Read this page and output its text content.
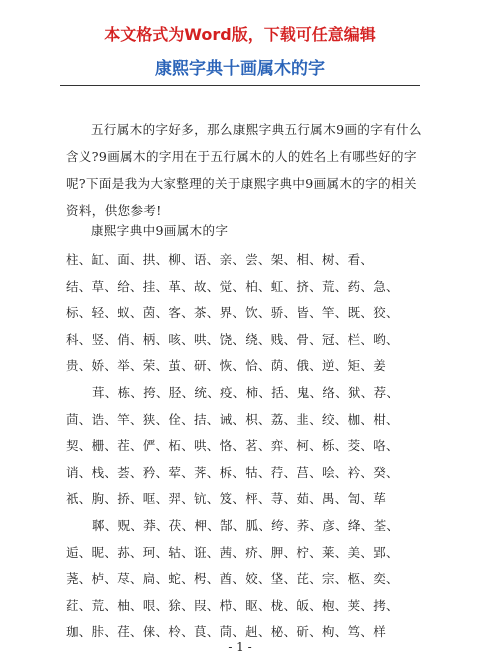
本文格式为Word版，下载可任意编辑
康熙字典十画属木的字

五行属木的字好多，那么康熙字典五行属木9画的字有什么含义?9画属木的字用在于五行属木的人的姓名上有哪些好的字呢?下面是我为大家整理的关于康熙字典中9画属木的字的相关资料，供您参考!

康熙字典中9画属木的字
柱、缸、面、拱、柳、语、亲、尝、架、相、树、看、
结、草、给、挂、革、故、觉、柏、虹、挤、荒、药、急、
标、轻、蚁、茵、客、茶、界、饮、骄、皆、竿、既、狡、
科、竖、俏、柄、咳、哄、饶、绕、贱、骨、冠、栏、哟、
贵、娇、举、荣、茧、研、恢、恰、荫、俄、逆、矩、姜
茸、栋、挎、胫、统、疫、柿、括、鬼、络、狱、荐、
茴、诰、竿、狭、佺、拮、诫、枳、荔、韭、绞、枷、柑、
契、栅、茬、俨、柘、哄、恪、茗、弈、柯、栎、茭、咯、
诮、栈、荟、矜、荤、荠、柝、牯、荇、莒、哙、衿、癸、
祇、朐、挢、哐、羿、钪、笈、枰、荨、茹、禺、訇、荜
郰、贶、莽、茯、柙、郜、胍、绔、荞、彦、绛、荃、
逅、昵、荪、珂、轱、诳、茜、疥、胛、柠、莱、美、郢、
荛、栌、荩、扃、蛇、枵、酋、姣、垡、芘、宗、柩、奕、
荭、荒、柚、哏、狳、叚、栉、眍、栊、皈、枹、荚、拷、
珈、胩、荏、俫、柃、茛、茼、赳、柲、斫、枸、笃、样
- 1 -
